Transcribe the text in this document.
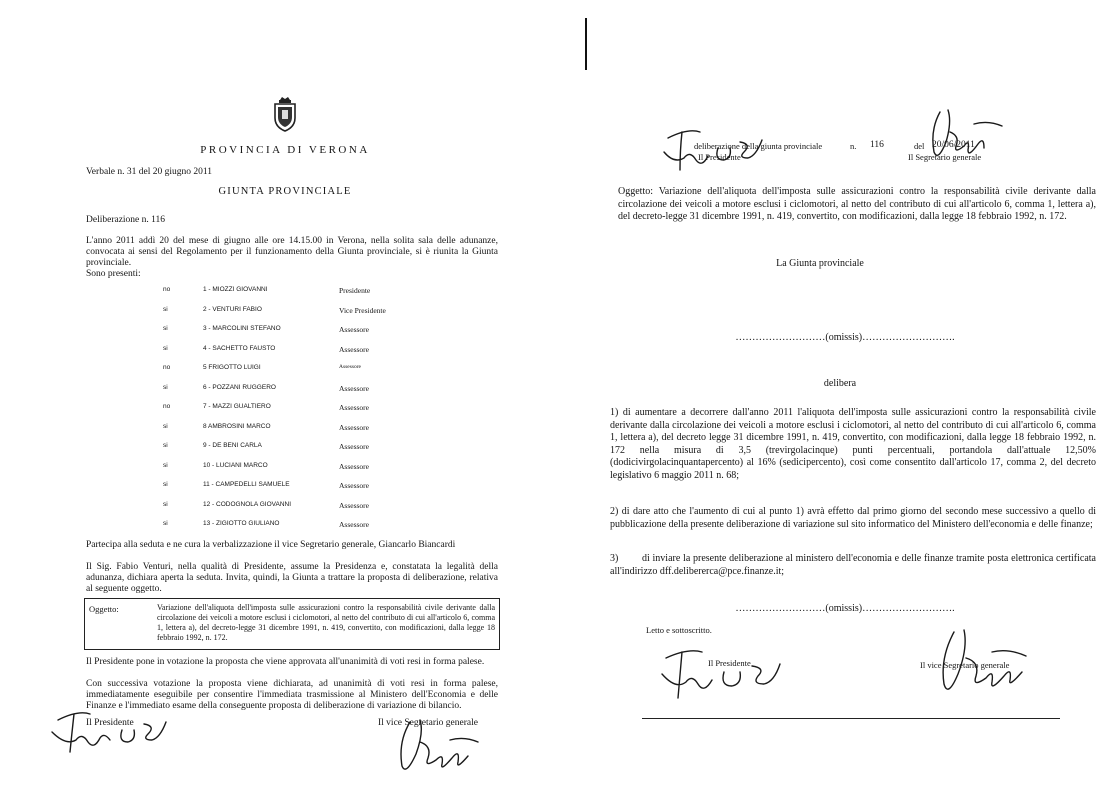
PROVINCIA DI VERONA
Verbale n. 31 del 20 giugno 2011
GIUNTA PROVINCIALE
Deliberazione n. 116
L'anno 2011 addì 20 del mese di giugno alle ore 14.15.00 in Verona, nella solita sala delle adunanze, convocata ai sensi del Regolamento per il funzionamento della Giunta provinciale, si è riunita la Giunta provinciale.
Sono presenti:
no	1 - MIOZZI GIOVANNI	Presidente
si	2 - VENTURI FABIO	Vice Presidente
si	3 - MARCOLINI STEFANO	Assessore
si	4 - SACHETTO FAUSTO	Assessore
no	5 FRIGOTTO LUIGI	Assessore
si	6 - POZZANI RUGGERO	Assessore
no	7 - MAZZI GUALTIERO	Assessore
si	8 AMBROSINI MARCO	Assessore
si	9 - DE BENI CARLA	Assessore
si	10 - LUCIANI MARCO	Assessore
si	11 - CAMPEDELLI SAMUELE	Assessore
si	12 - CODOGNOLA GIOVANNI	Assessore
si	13 - ZIGIOTTO GIULIANO	Assessore
Partecipa alla seduta e ne cura la verbalizzazione il vice Segretario generale, Giancarlo Biancardi
Il Sig. Fabio Venturi, nella qualità di Presidente, assume la Presidenza e, constatata la legalità della adunanza, dichiara aperta la seduta. Invita, quindi, la Giunta a trattare la proposta di deliberazione, relativa al seguente oggetto.
Oggetto:	Variazione dell'aliquota dell'imposta sulle assicurazioni contro la responsabilità civile derivante dalla circolazione dei veicoli a motore esclusi i ciclomotori, al netto del contributo di cui all'articolo 6, comma 1, lettera a), del decreto-legge 31 dicembre 1991, n. 419, convertito, con modificazioni, dalla legge 18 febbraio 1992, n. 172.
Il Presidente pone in votazione la proposta che viene approvata all'unanimità di voti resi in forma palese.
Con successiva votazione la proposta viene dichiarata, ad unanimità di voti resi in forma palese, immediatamente eseguibile per consentire l'immediata trasmissione al Ministero dell'Economia e delle Finanze e l'immediato esame della conseguente proposta di deliberazione di variazione di bilancio.
Il Presidente	Il vice Segretario generale
deliberazione della giunta provinciale	n. 116	del 20/06/2011
Il Presidente	Il Segretario generale
Oggetto: Variazione dell'aliquota dell'imposta sulle assicurazioni contro la responsabilità civile derivante dalla circolazione dei veicoli a motore esclusi i ciclomotori, al netto del contributo di cui all'articolo 6, comma 1, lettera a), del decreto-legge 31 dicembre 1991, n. 419, convertito, con modificazioni, dalla legge 18 febbraio 1992, n. 172.
La Giunta provinciale
………………………(omissis)……………………….
delibera
1) di aumentare a decorrere dall'anno 2011 l'aliquota dell'imposta sulle assicurazioni contro la responsabilità civile derivante dalla circolazione dei veicoli a motore esclusi i ciclomotori, al netto del contributo di cui all'articolo 6, comma 1, lettera a), del decreto legge 31 dicembre 1991, n. 419, convertito, con modificazioni, dalla legge 18 febbraio 1992, n. 172 nella misura di 3,5 (trevirgolacinque) punti percentuali, portandola dall'attuale 12,50% (dodicivirgolacinquantapercento) al 16% (sedicipercento), così come consentito dall'articolo 17, comma 2, del decreto legislativo 6 maggio 2011 n. 68;
2) di dare atto che l'aumento di cui al punto 1) avrà effetto dal primo giorno del secondo mese successivo a quello di pubblicazione della presente deliberazione di variazione sul sito informatico del Ministero dell'economia e delle finanze;
3)	di inviare la presente deliberazione al ministero dell'economia e delle finanze tramite posta elettronica certificata all'indirizzo dff.delibererca@pce.finanze.it;
………………………(omissis)……………………….
Letto e sottoscritto.
Il Presidente	Il vice Segretario generale
